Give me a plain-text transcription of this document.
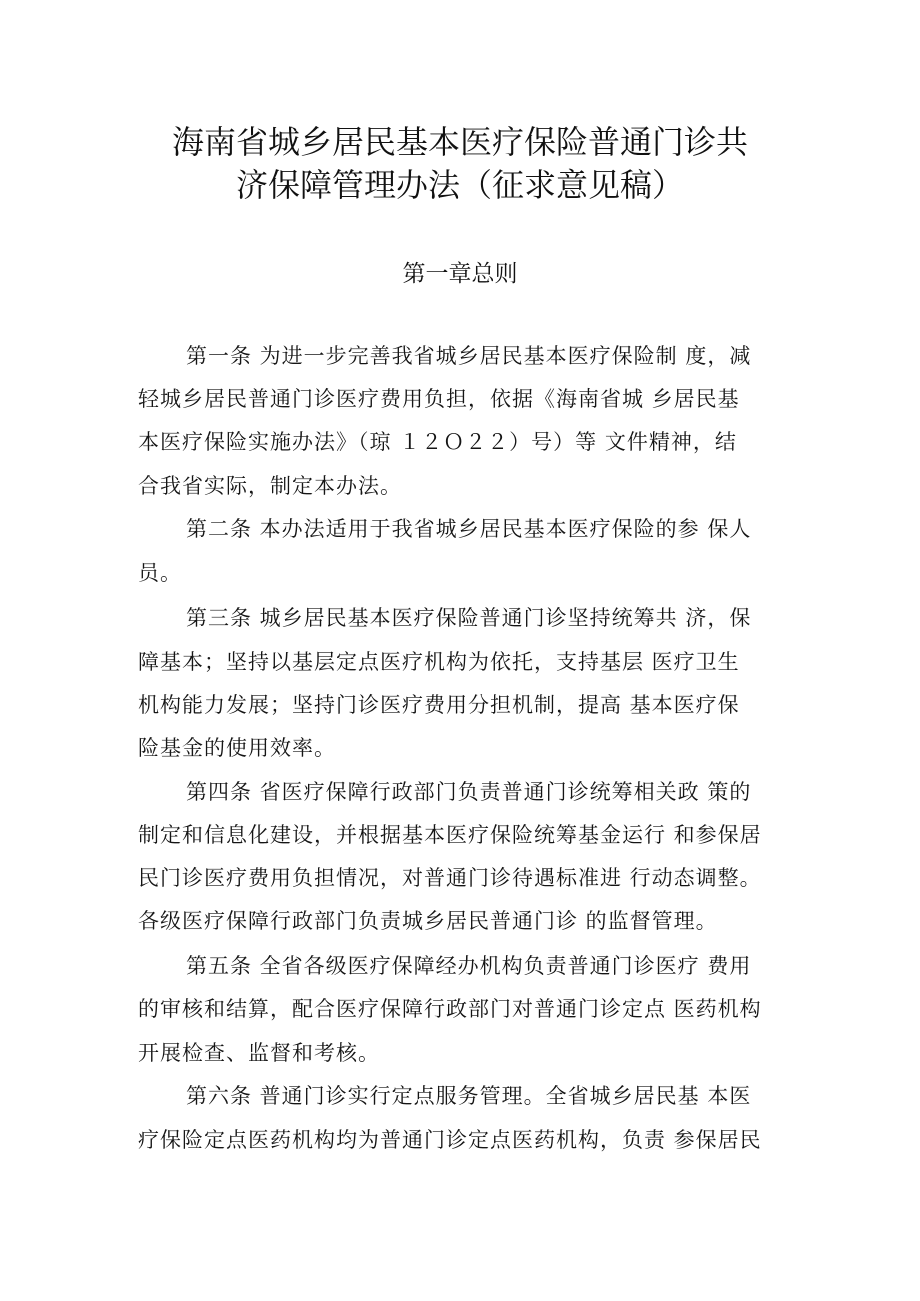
海南省城乡居民基本医疗保险普通门诊共
济保障管理办法（征求意见稿）
第一章总则
第一条 为进一步完善我省城乡居民基本医疗保险制 度，减
轻城乡居民普通门诊医疗费用负担，依据《海南省城 乡居民基
本医疗保险实施办法》（琼 １２Ｏ２２）号）等 文件精神，结
合我省实际，制定本办法。
第二条 本办法适用于我省城乡居民基本医疗保险的参 保人
员。
第三条 城乡居民基本医疗保险普通门诊坚持统筹共 济，保
障基本；坚持以基层定点医疗机构为依托，支持基层 医疗卫生
机构能力发展；坚持门诊医疗费用分担机制，提高 基本医疗保
险基金的使用效率。
第四条 省医疗保障行政部门负责普通门诊统筹相关政 策的
制定和信息化建设，并根据基本医疗保险统筹基金运行 和参保居
民门诊医疗费用负担情况，对普通门诊待遇标准进 行动态调整。
各级医疗保障行政部门负责城乡居民普通门诊 的监督管理。
第五条 全省各级医疗保障经办机构负责普通门诊医疗 费用
的审核和结算，配合医疗保障行政部门对普通门诊定点 医药机构
开展检查、监督和考核。
第六条 普通门诊实行定点服务管理。全省城乡居民基 本医
疗保险定点医药机构均为普通门诊定点医药机构，负责 参保居民
